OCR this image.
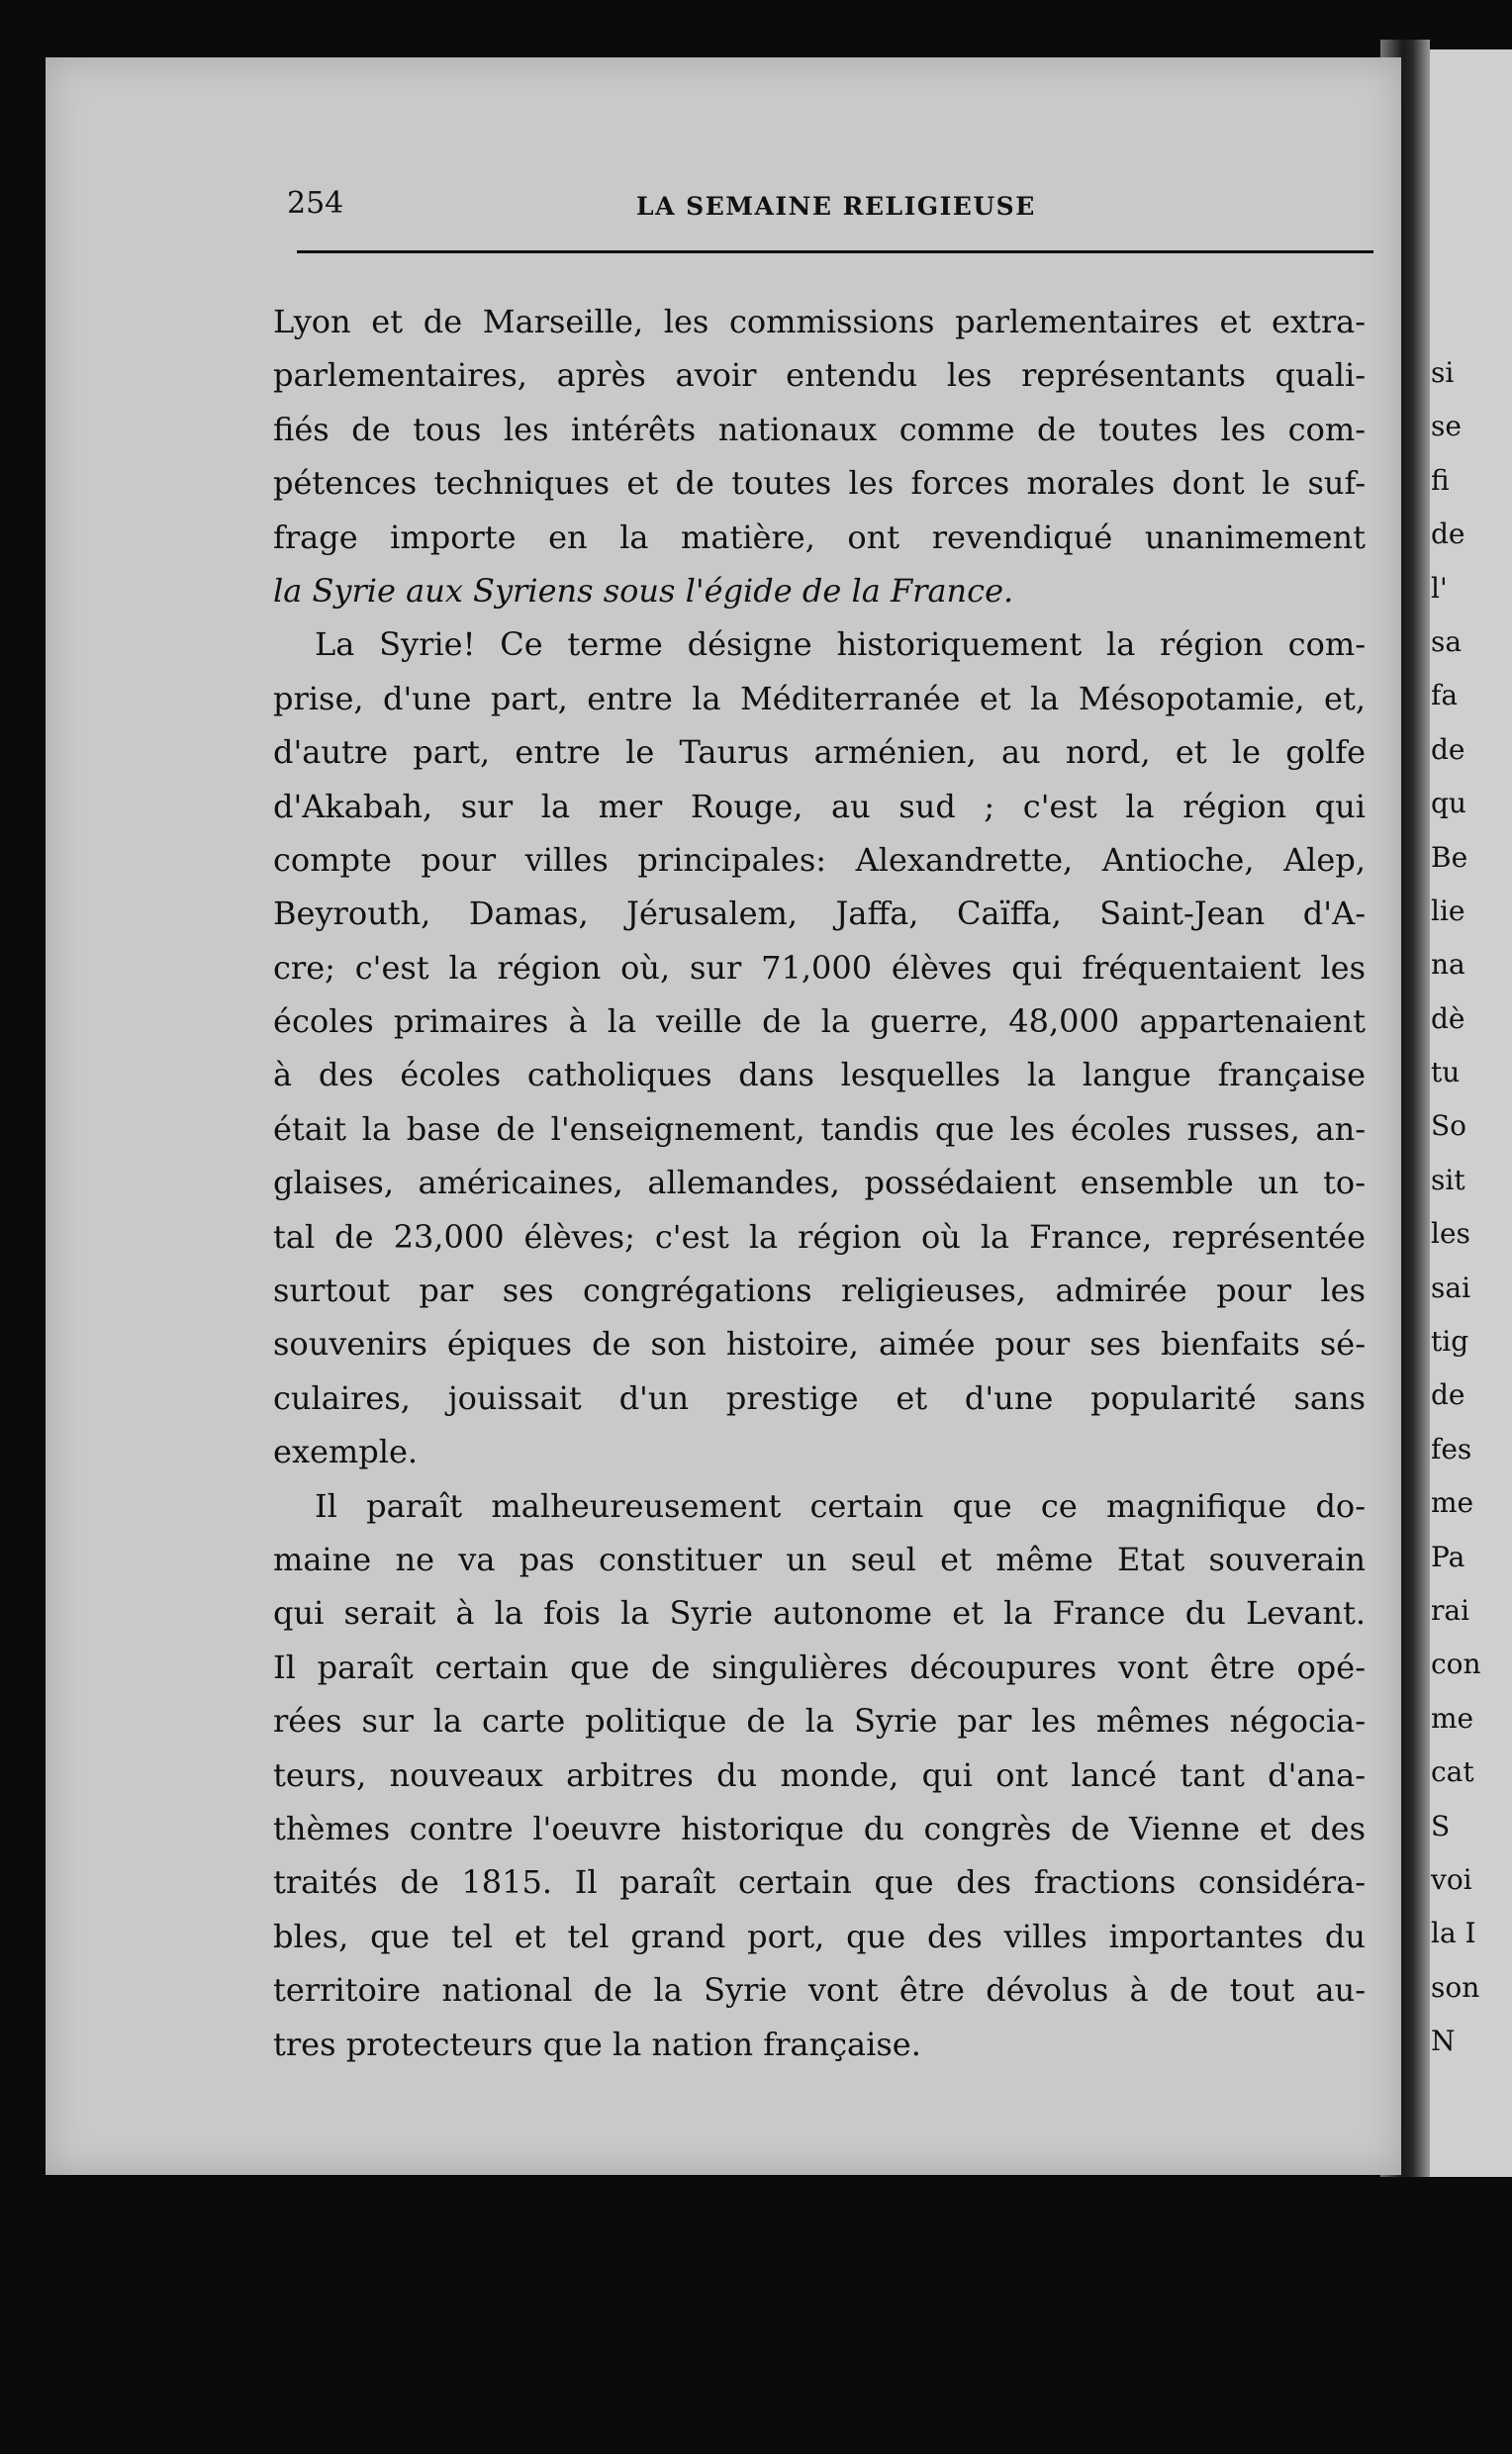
si
se
fi
de
l'
sa
fa
de
qu
Be
lie
na
dè
tu
So
sit
les
sai
tig
de
fes
me
Pa
rai
con
me
cat
S
voi
la I
son
N
254	LA SEMAINE RELIGIEUSE
Lyon et de Marseille, les commissions parlementaires et extra-
parlementaires, après avoir entendu les représentants quali-
fiés de tous les intérêts nationaux comme de toutes les com-
pétences techniques et de toutes les forces morales dont le suf-
frage importe en la matière, ont revendiqué unanimement
la Syrie aux Syriens sous l'égide de la France.
La Syrie! Ce terme désigne historiquement la région com-
prise, d'une part, entre la Méditerranée et la Mésopotamie, et,
d'autre part, entre le Taurus arménien, au nord, et le golfe
d'Akabah, sur la mer Rouge, au sud ; c'est la région qui
compte pour villes principales: Alexandrette, Antioche, Alep,
Beyrouth, Damas, Jérusalem, Jaffa, Caïffa, Saint-Jean d'A-
cre; c'est la région où, sur 71,000 élèves qui fréquentaient les
écoles primaires à la veille de la guerre, 48,000 appartenaient
à des écoles catholiques dans lesquelles la langue française
était la base de l'enseignement, tandis que les écoles russes, an-
glaises, américaines, allemandes, possédaient ensemble un to-
tal de 23,000 élèves; c'est la région où la France, représentée
surtout par ses congrégations religieuses, admirée pour les
souvenirs épiques de son histoire, aimée pour ses bienfaits sé-
culaires, jouissait d'un prestige et d'une popularité sans
exemple.
Il paraît malheureusement certain que ce magnifique do-
maine ne va pas constituer un seul et même Etat souverain
qui serait à la fois la Syrie autonome et la France du Levant.
Il paraît certain que de singulières découpures vont être opé-
rées sur la carte politique de la Syrie par les mêmes négocia-
teurs, nouveaux arbitres du monde, qui ont lancé tant d'ana-
thèmes contre l'oeuvre historique du congrès de Vienne et des
traités de 1815. Il paraît certain que des fractions considéra-
bles, que tel et tel grand port, que des villes importantes du
territoire national de la Syrie vont être dévolus à de tout au-
tres protecteurs que la nation française.
